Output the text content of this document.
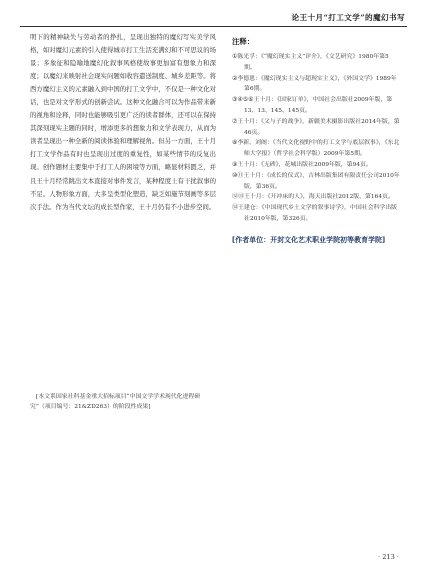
论王十月“打工文学”的魔幻书写

明下的精神缺失与劳动者的挣扎，呈现出独特的魔幻写实美学风格，如对魔幻元素的引入使得城市打工生活充满幻和不可思议的场景；多象征和隐喻地魔幻化叙事风格使故事更加富有想象力和深度；以魔幻来映射社会现实问题如收容遣送制度、城乡差距等。将西方魔幻主义的元素融入到中国的打工文学中，不仅是一种文化对话，也是对文学形式的创新尝试。这种文化融合可以为作品带来新的视角和诠释，同时也能够吸引更广泛的读者群体，还可以在保持其深刻现实主题的同时，增添更多的想象力和文学表现力，从而为读者呈现出一种全新的阅读体验和理解视角。但另一方面，王十月打工文学作品有时也呈现出过度的重复性，如某些情节的反复出现。创作题材主要集中于打工人的困境等方面，略显材料匮乏，并且王十月经常跳出文本直接对事件发言，某种程度上有干扰叙事的不足。人物形象方面，大多呈类型化塑造，缺乏如施节刻画等多层次手法。作为当代文坛的成长型作家，王十月仍有不小进步空间。

[本文系国家社科基金重大招标项目“中国文学学术现代化进程研究”（项目编号：21&ZD263）的阶段性成果]

注释：

①陈光孚：《“魔幻现实主义”评介》，《文艺研究》1980年第5期。

②李德恩：《魔幻现实主义与超现实主义》，《外国文学》1989年第6期。

③④⑤⑥王十月：《国家订单》，中国社会出版社2009年版，第13、13、145、145页。

⑦王十月：《父与子的战争》，新疆美术摄影出版社2014年版，第46页。

⑧李新、刘阁：《当代文化视野中的打工文学与底层叙事》，《东北师大学报》（哲学社会科学版）2009年第5期。

⑨王十月：《无碑》，花城出版社2009年版，第94页。

⑩⑪王十月：《成长的仪式》，吉林出版集团有限责任公司2010年版，第36页。

⑫⑬王十月：《开冲床的人》，海天出版社2012版，第164页。

⑭王建仓：《中国现代乡土文学的叙事诗学》，中国社会科学出版社2010年版，第326页。

[作者单位：开封文化艺术职业学院初等教育学院]
· 213 ·
